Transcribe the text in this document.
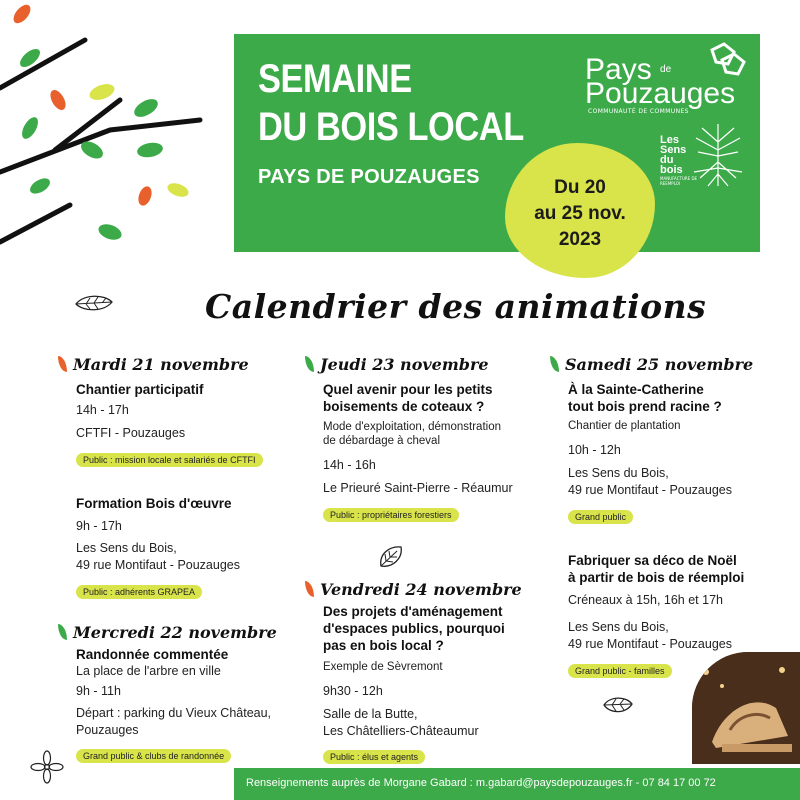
SEMAINE
DU BOIS LOCAL
PAYS DE POUZAUGES	Du 20
au 25 nov.
2023
Pays $^{de}$
Pouzauges
COMMUNAUTÉ DE COMMUNES
Les
Sens
du
bois
MANUFACTURE DE REEMPLOI
Calendrier des animations
Mardi 21 novembre
Chantier participatif
14h - 17h
CFTFI - Pouzauges
Public : mission locale et salariés de CFTFI
Formation Bois d'œuvre
9h - 17h
Les Sens du Bois,
49 rue Montifaut - Pouzauges
Public : adhérents GRAPEA
Mercredi 22 novembre
Randonnée commentée
La place de l'arbre en ville
9h - 11h
Départ : parking du Vieux Château,
Pouzauges
Grand public & clubs de randonnée
Jeudi 23 novembre
Quel avenir pour les petits
boisements de coteaux ?
Mode d'exploitation, démonstration
de débardage à cheval
14h - 16h
Le Prieuré Saint-Pierre - Réaumur
Public : propriétaires forestiers
Vendredi 24 novembre
Des projets d'aménagement
d'espaces publics, pourquoi
pas en bois local ?
Exemple de Sèvremont
9h30 - 12h
Salle de la Butte,
Les Châtelliers-Châteaumur
Public : élus et agents
Samedi 25 novembre
À la Sainte-Catherine
tout bois prend racine ?
Chantier de plantation
10h - 12h
Les Sens du Bois,
49 rue Montifaut - Pouzauges
Grand public
Fabriquer sa déco de Noël
à partir de bois de réemploi
Créneaux à 15h, 16h et 17h
Les Sens du Bois,
49 rue Montifaut - Pouzauges
Grand public - familles
Renseignements auprès de Morgane Gabard : m.gabard@paysdepouzauges.fr - 07 84 17 00 72
